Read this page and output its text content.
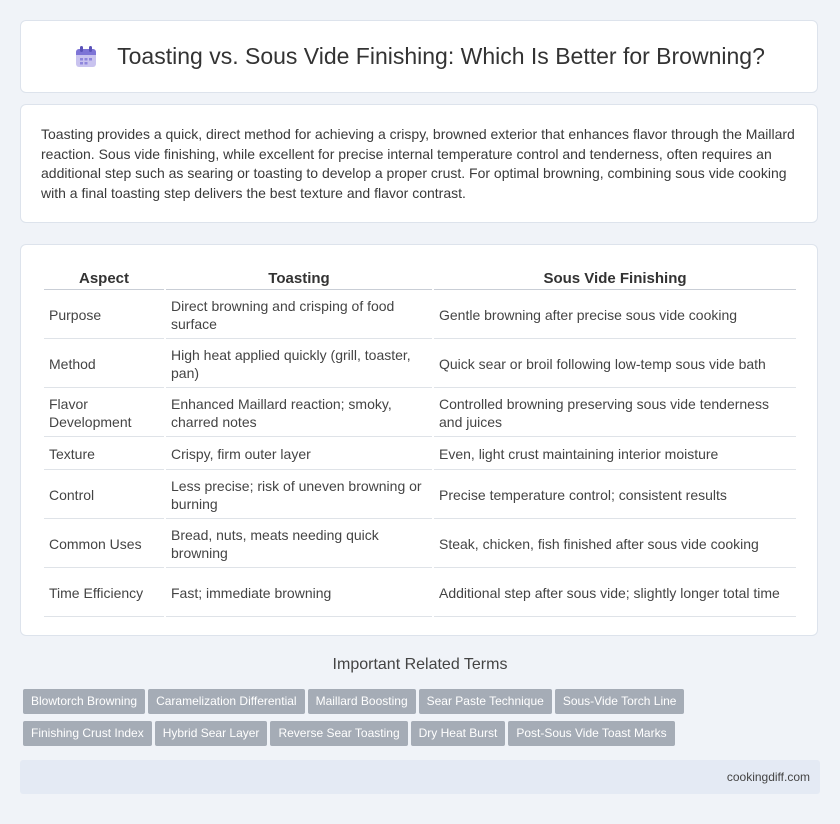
Toasting vs. Sous Vide Finishing: Which Is Better for Browning?

Toasting provides a quick, direct method for achieving a crispy, browned exterior that enhances flavor through the Maillard reaction. Sous vide finishing, while excellent for precise internal temperature control and tenderness, often requires an additional step such as searing or toasting to develop a proper crust. For optimal browning, combining sous vide cooking with a final toasting step delivers the best texture and flavor contrast.

Aspect	Toasting	Sous Vide Finishing
Purpose	Direct browning and crisping of food surface	Gentle browning after precise sous vide cooking
Method	High heat applied quickly (grill, toaster, pan)	Quick sear or broil following low-temp sous vide bath
Flavor Development	Enhanced Maillard reaction; smoky, charred notes	Controlled browning preserving sous vide tenderness and juices
Texture	Crispy, firm outer layer	Even, light crust maintaining interior moisture
Control	Less precise; risk of uneven browning or burning	Precise temperature control; consistent results
Common Uses	Bread, nuts, meats needing quick browning	Steak, chicken, fish finished after sous vide cooking
Time Efficiency	Fast; immediate browning	Additional step after sous vide; slightly longer total time
Important Related Terms
Blowtorch Browning Caramelization Differential Maillard Boosting Sear Paste Technique Sous-Vide Torch Line
Finishing Crust Index Hybrid Sear Layer Reverse Sear Toasting Dry Heat Burst Post-Sous Vide Toast Marks
cookingdiff.com
